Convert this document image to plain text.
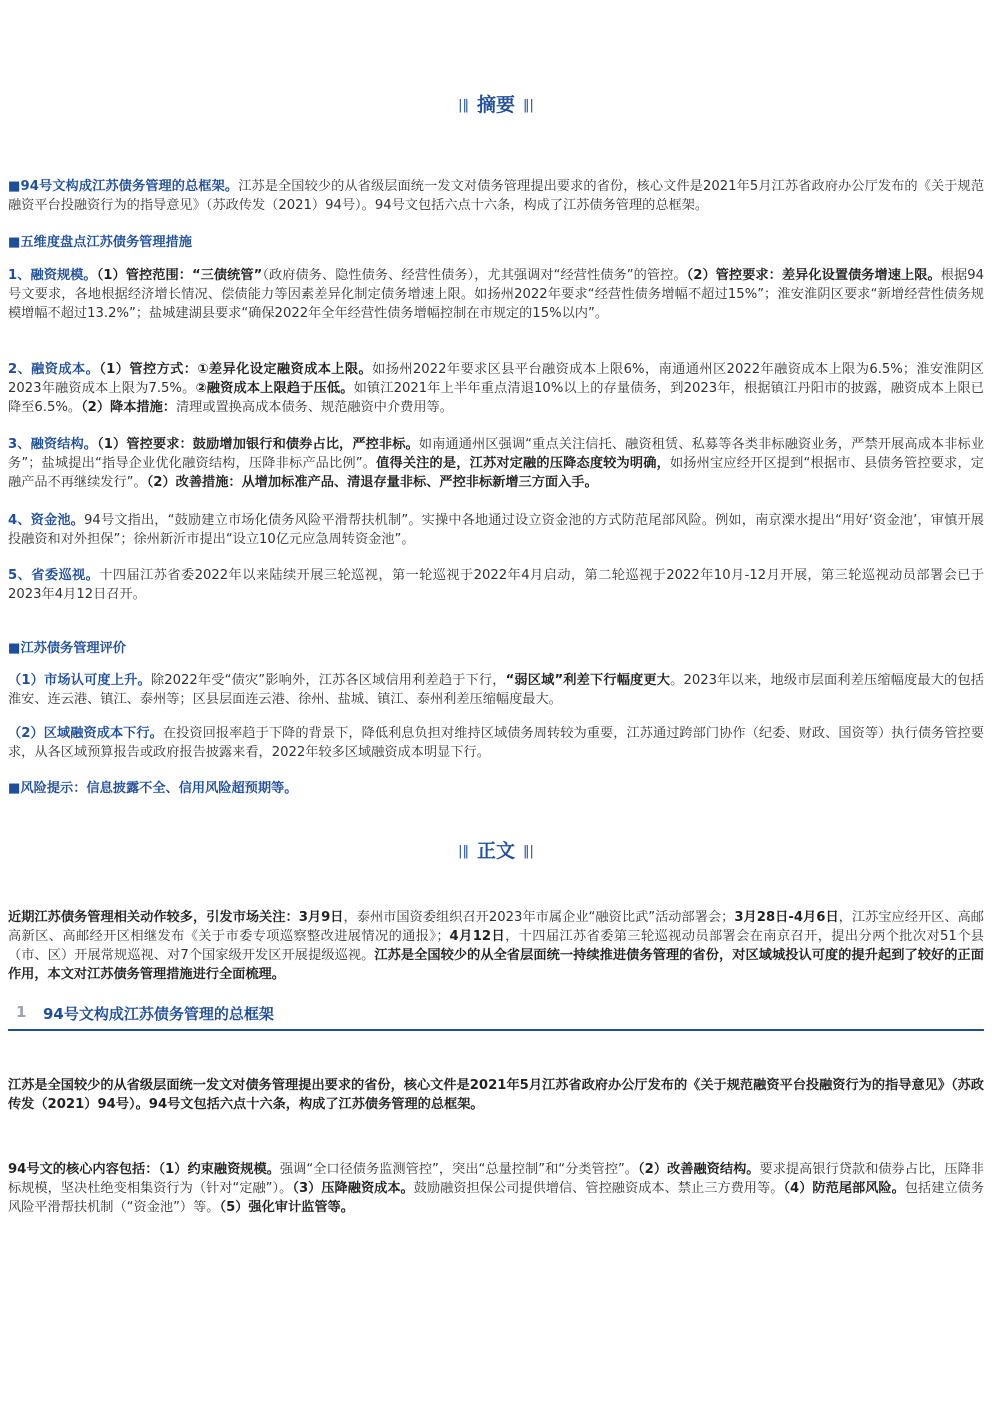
|‖ 摘要 ‖|
■94号文构成江苏债务管理的总框架。江苏是全国较少的从省级层面统一发文对债务管理提出要求的省份，核心文件是2021年5月江苏省政府办公厅发布的《关于规范融资平台投融资行为的指导意见》（苏政传发（2021）94号）。94号文包括六点十六条，构成了江苏债务管理的总框架。
■五维度盘点江苏债务管理措施
1、融资规模。（1）管控范围：“三债统管”（政府债务、隐性债务、经营性债务），尤其强调对“经营性债务”的管控。（2）管控要求：差异化设置债务增速上限。根据94号文要求，各地根据经济增长情况、偿债能力等因素差异化制定债务增速上限。如扬州2022年要求“经营性债务增幅不超过15%”；淮安淮阴区要求“新增经营性债务规模增幅不超过13.2%”；盐城建湖县要求“确保2022年全年经营性债务增幅控制在市规定的15%以内”。
2、融资成本。（1）管控方式：①差异化设定融资成本上限。如扬州2022年要求区县平台融资成本上限6%，南通通州区2022年融资成本上限为6.5%；淮安淮阴区2023年融资成本上限为7.5%。②融资成本上限趋于压低。如镇江2021年上半年重点清退10%以上的存量债务，到2023年，根据镇江丹阳市的披露，融资成本上限已降至6.5%。（2）降本措施：清理或置换高成本债务、规范融资中介费用等。
3、融资结构。（1）管控要求：鼓励增加银行和债券占比，严控非标。如南通通州区强调“重点关注信托、融资租赁、私募等各类非标融资业务，严禁开展高成本非标业务”；盐城提出“指导企业优化融资结构，压降非标产品比例”。值得关注的是，江苏对定融的压降态度较为明确，如扬州宝应经开区提到“根据市、县债务管控要求，定融产品不再继续发行”。（2）改善措施：从增加标准产品、清退存量非标、严控非标新增三方面入手。
4、资金池。94号文指出，“鼓励建立市场化债务风险平滑帮扶机制”。实操中各地通过设立资金池的方式防范尾部风险。例如，南京溧水提出“用好‘资金池’，审慎开展投融资和对外担保”；徐州新沂市提出“设立10亿元应急周转资金池”。
5、省委巡视。十四届江苏省委2022年以来陆续开展三轮巡视，第一轮巡视于2022年4月启动，第二轮巡视于2022年10月-12月开展，第三轮巡视动员部署会已于2023年4月12日召开。
■江苏债务管理评价
（1）市场认可度上升。除2022年受“债灾”影响外，江苏各区域信用利差趋于下行，“弱区域”利差下行幅度更大。2023年以来，地级市层面利差压缩幅度最大的包括淮安、连云港、镇江、泰州等；区县层面连云港、徐州、盐城、镇江、泰州利差压缩幅度最大。
（2）区域融资成本下行。在投资回报率趋于下降的背景下，降低利息负担对维持区域债务周转较为重要，江苏通过跨部门协作（纪委、财政、国资等）执行债务管控要求，从各区域预算报告或政府报告披露来看，2022年较多区域融资成本明显下行。
■风险提示：信息披露不全、信用风险超预期等。
|‖ 正文 ‖|
近期江苏债务管理相关动作较多，引发市场关注：3月9日，泰州市国资委组织召开2023年市属企业“融资比武”活动部署会；3月28日-4月6日，江苏宝应经开区、高邮高新区、高邮经开区相继发布《关于市委专项巡察整改进展情况的通报》；4月12日，十四届江苏省委第三轮巡视动员部署会在南京召开，提出分两个批次对51个县（市、区）开展常规巡视、对7个国家级开发区开展提级巡视。江苏是全国较少的从全省层面统一持续推进债务管理的省份，对区域城投认可度的提升起到了较好的正面作用，本文对江苏债务管理措施进行全面梳理。
1 94号文构成江苏债务管理的总框架
江苏是全国较少的从省级层面统一发文对债务管理提出要求的省份，核心文件是2021年5月江苏省政府办公厅发布的《关于规范融资平台投融资行为的指导意见》（苏政传发（2021）94号）。94号文包括六点十六条，构成了江苏债务管理的总框架。
94号文的核心内容包括：（1）约束融资规模。强调“全口径债务监测管控”，突出“总量控制”和“分类管控”。（2）改善融资结构。要求提高银行贷款和债券占比，压降非标规模，坚决杜绝变相集资行为（针对“定融”）。（3）压降融资成本。鼓励融资担保公司提供增信、管控融资成本、禁止三方费用等。（4）防范尾部风险。包括建立债务风险平滑帮扶机制（“资金池”）等。（5）强化审计监管等。
